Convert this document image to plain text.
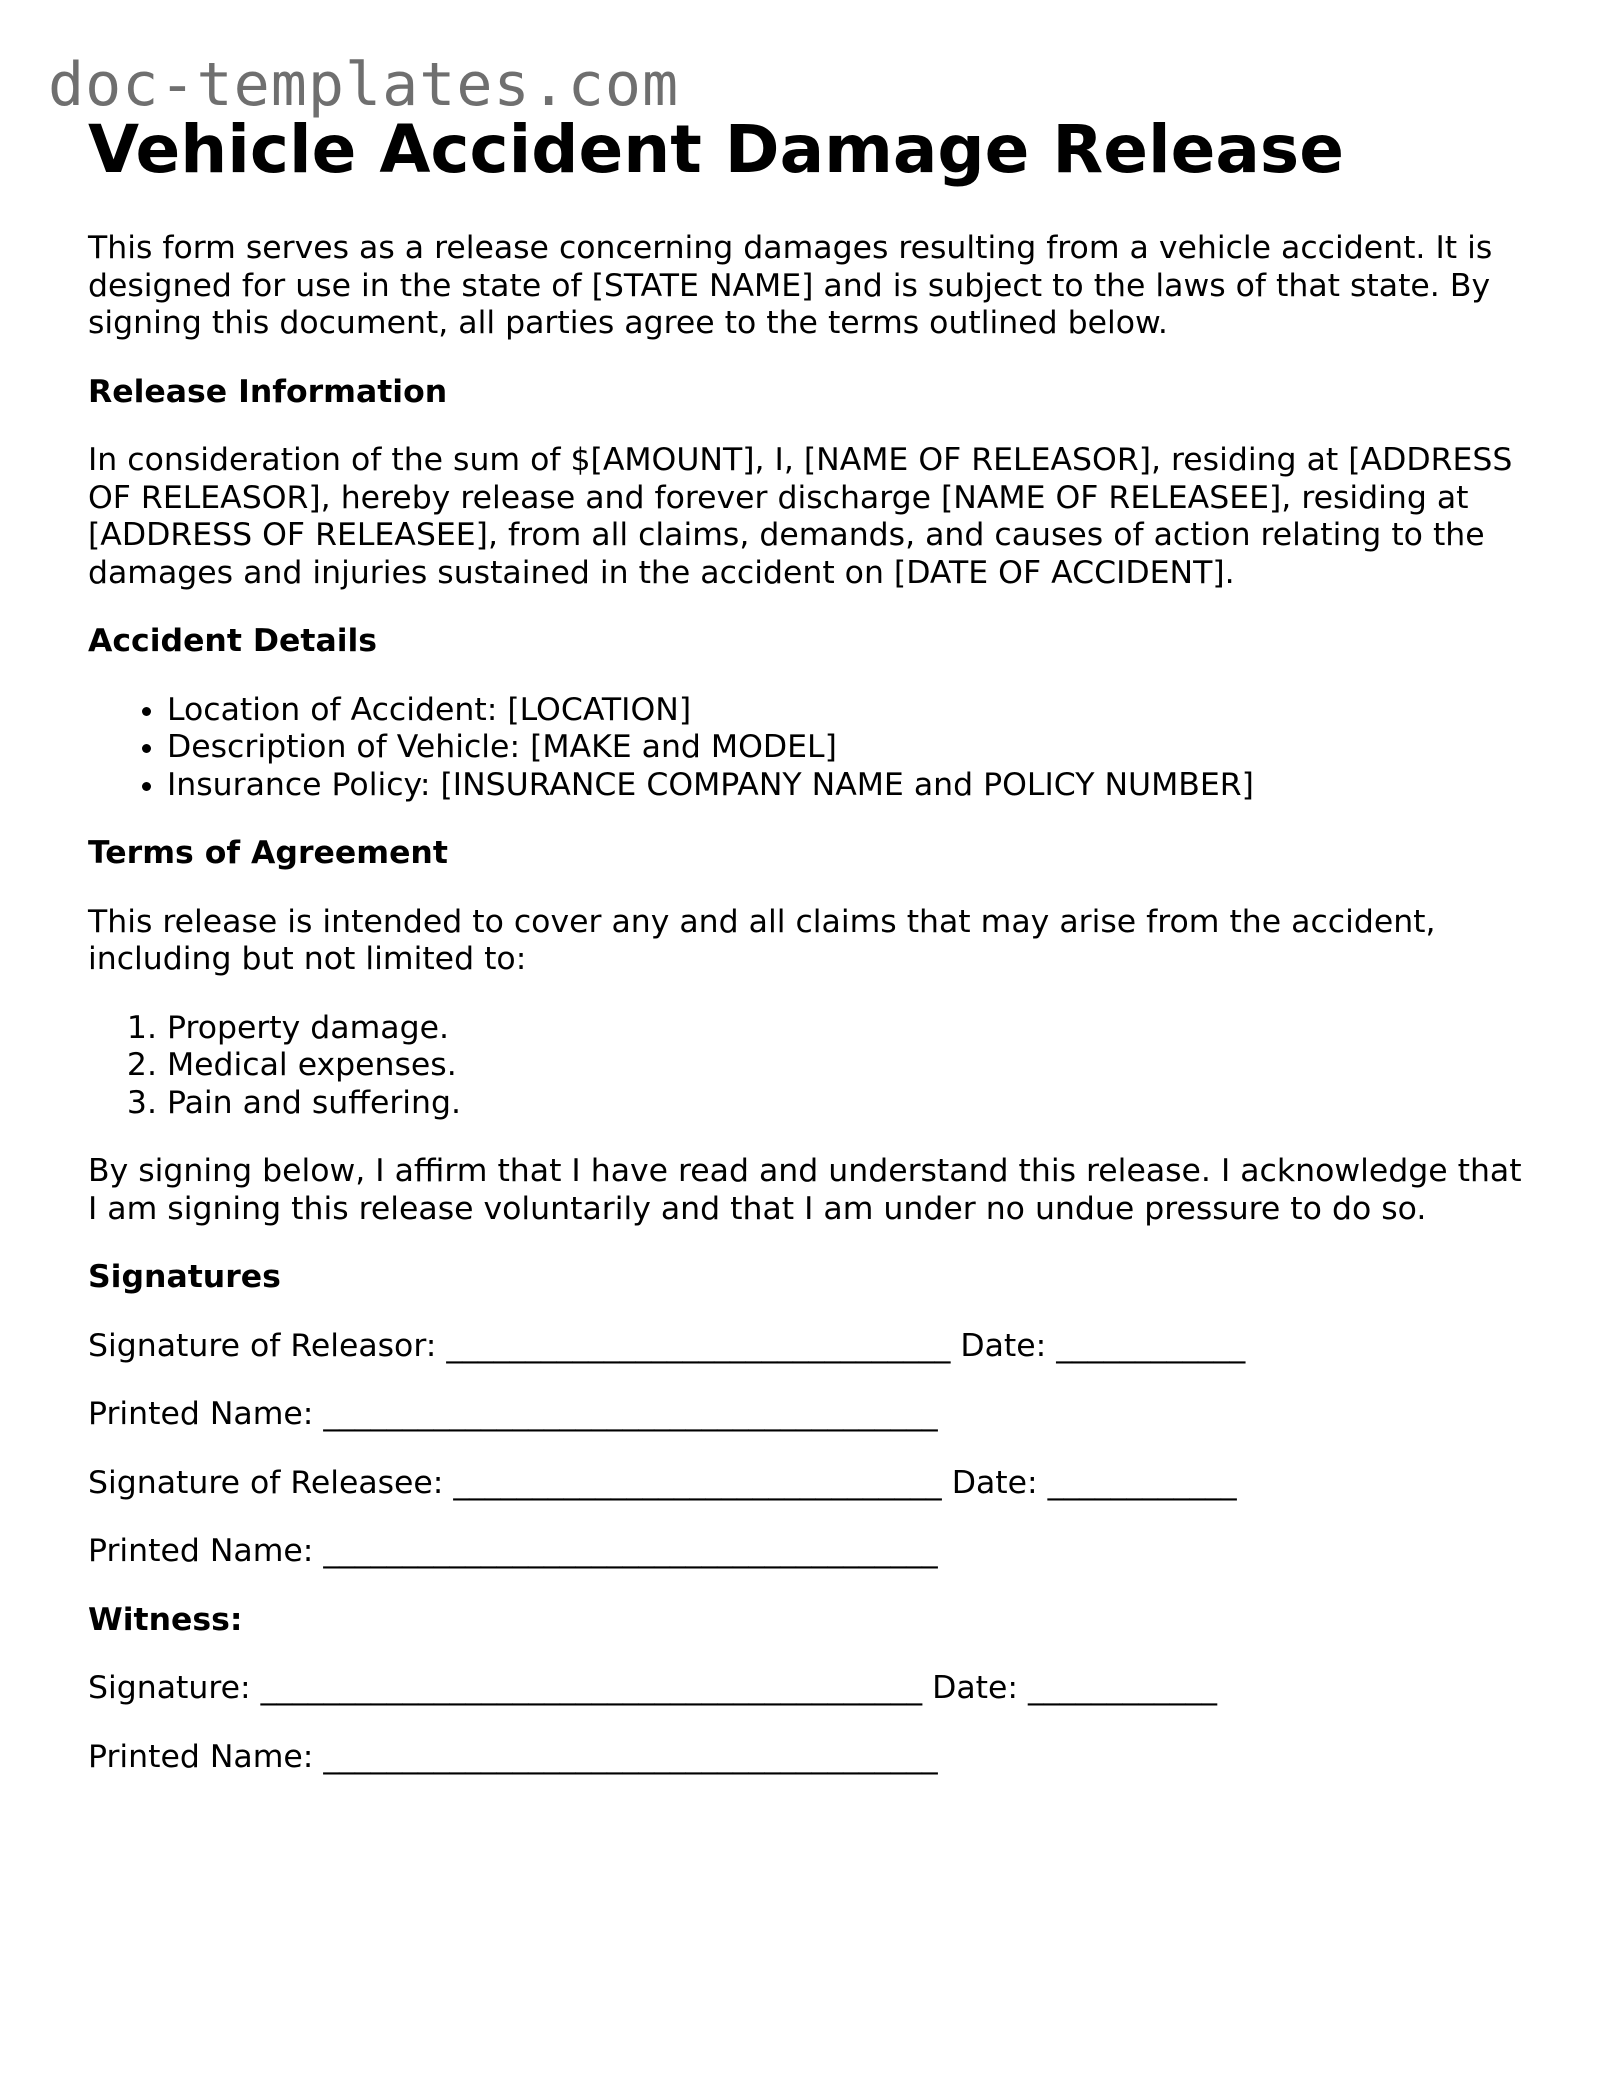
doc-templates.com
Vehicle Accident Damage Release

This form serves as a release concerning damages resulting from a vehicle accident. It is designed for use in the state of [STATE NAME] and is subject to the laws of that state. By signing this document, all parties agree to the terms outlined below.

Release Information

In consideration of the sum of $[AMOUNT], I, [NAME OF RELEASOR], residing at [ADDRESS OF RELEASOR], hereby release and forever discharge [NAME OF RELEASEE], residing at [ADDRESS OF RELEASEE], from all claims, demands, and causes of action relating to the damages and injuries sustained in the accident on [DATE OF ACCIDENT].

Accident Details
• Location of Accident: [LOCATION]
• Description of Vehicle: [MAKE and MODEL]
• Insurance Policy: [INSURANCE COMPANY NAME and POLICY NUMBER]
Terms of Agreement

This release is intended to cover any and all claims that may arise from the accident, including but not limited to:

1. Property damage.
2. Medical expenses.
3. Pain and suffering.

By signing below, I affirm that I have read and understand this release. I acknowledge that I am signing this release voluntarily and that I am under no undue pressure to do so.

Signatures

Signature of Releasor: ________________________________ Date: ____________

Printed Name: _______________________________________

Signature of Releasee: _______________________________ Date: ____________

Printed Name: _______________________________________

Witness:

Signature: __________________________________________ Date: ____________

Printed Name: _______________________________________
